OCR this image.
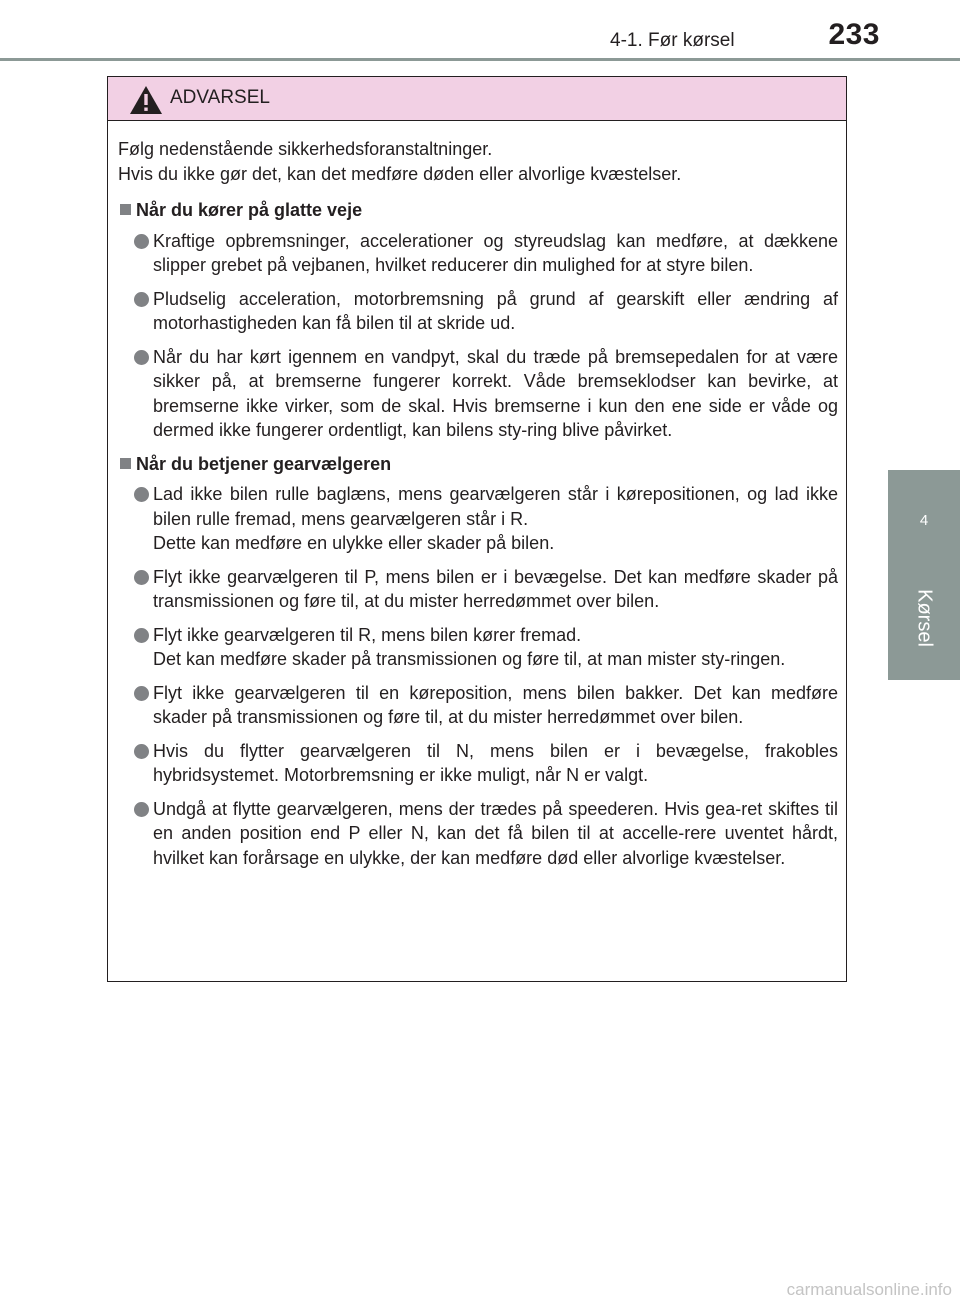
4-1. Før kørsel	233
4
Kørsel
ADVARSEL
Følg nedenstående sikkerhedsforanstaltninger.
Hvis du ikke gør det, kan det medføre døden eller alvorlige kvæstelser.
Når du kører på glatte veje
Kraftige opbremsninger, accelerationer og styreudslag kan medføre, at dækkene slipper grebet på vejbanen, hvilket reducerer din mulighed for at styre bilen.
Pludselig acceleration, motorbremsning på grund af gearskift eller ændring af motorhastigheden kan få bilen til at skride ud.
Når du har kørt igennem en vandpyt, skal du træde på bremsepedalen for at være sikker på, at bremserne fungerer korrekt. Våde bremseklodser kan bevirke, at bremserne ikke virker, som de skal. Hvis bremserne i kun den ene side er våde og dermed ikke fungerer ordentligt, kan bilens sty-ring blive påvirket.
Når du betjener gearvælgeren
Lad ikke bilen rulle baglæns, mens gearvælgeren står i kørepositionen, og lad ikke bilen rulle fremad, mens gearvælgeren står i R.
Dette kan medføre en ulykke eller skader på bilen.
Flyt ikke gearvælgeren til P, mens bilen er i bevægelse. Det kan medføre skader på transmissionen og føre til, at du mister herredømmet over bilen.
Flyt ikke gearvælgeren til R, mens bilen kører fremad.
Det kan medføre skader på transmissionen og føre til, at man mister sty-ringen.
Flyt ikke gearvælgeren til en køreposition, mens bilen bakker. Det kan medføre skader på transmissionen og føre til, at du mister herredømmet over bilen.
Hvis du flytter gearvælgeren til N, mens bilen er i bevægelse, frakobles hybridsystemet. Motorbremsning er ikke muligt, når N er valgt.
Undgå at flytte gearvælgeren, mens der trædes på speederen. Hvis gea-ret skiftes til en anden position end P eller N, kan det få bilen til at accelle-rere uventet hårdt, hvilket kan forårsage en ulykke, der kan medføre død eller alvorlige kvæstelser.
carmanualsonline.info
